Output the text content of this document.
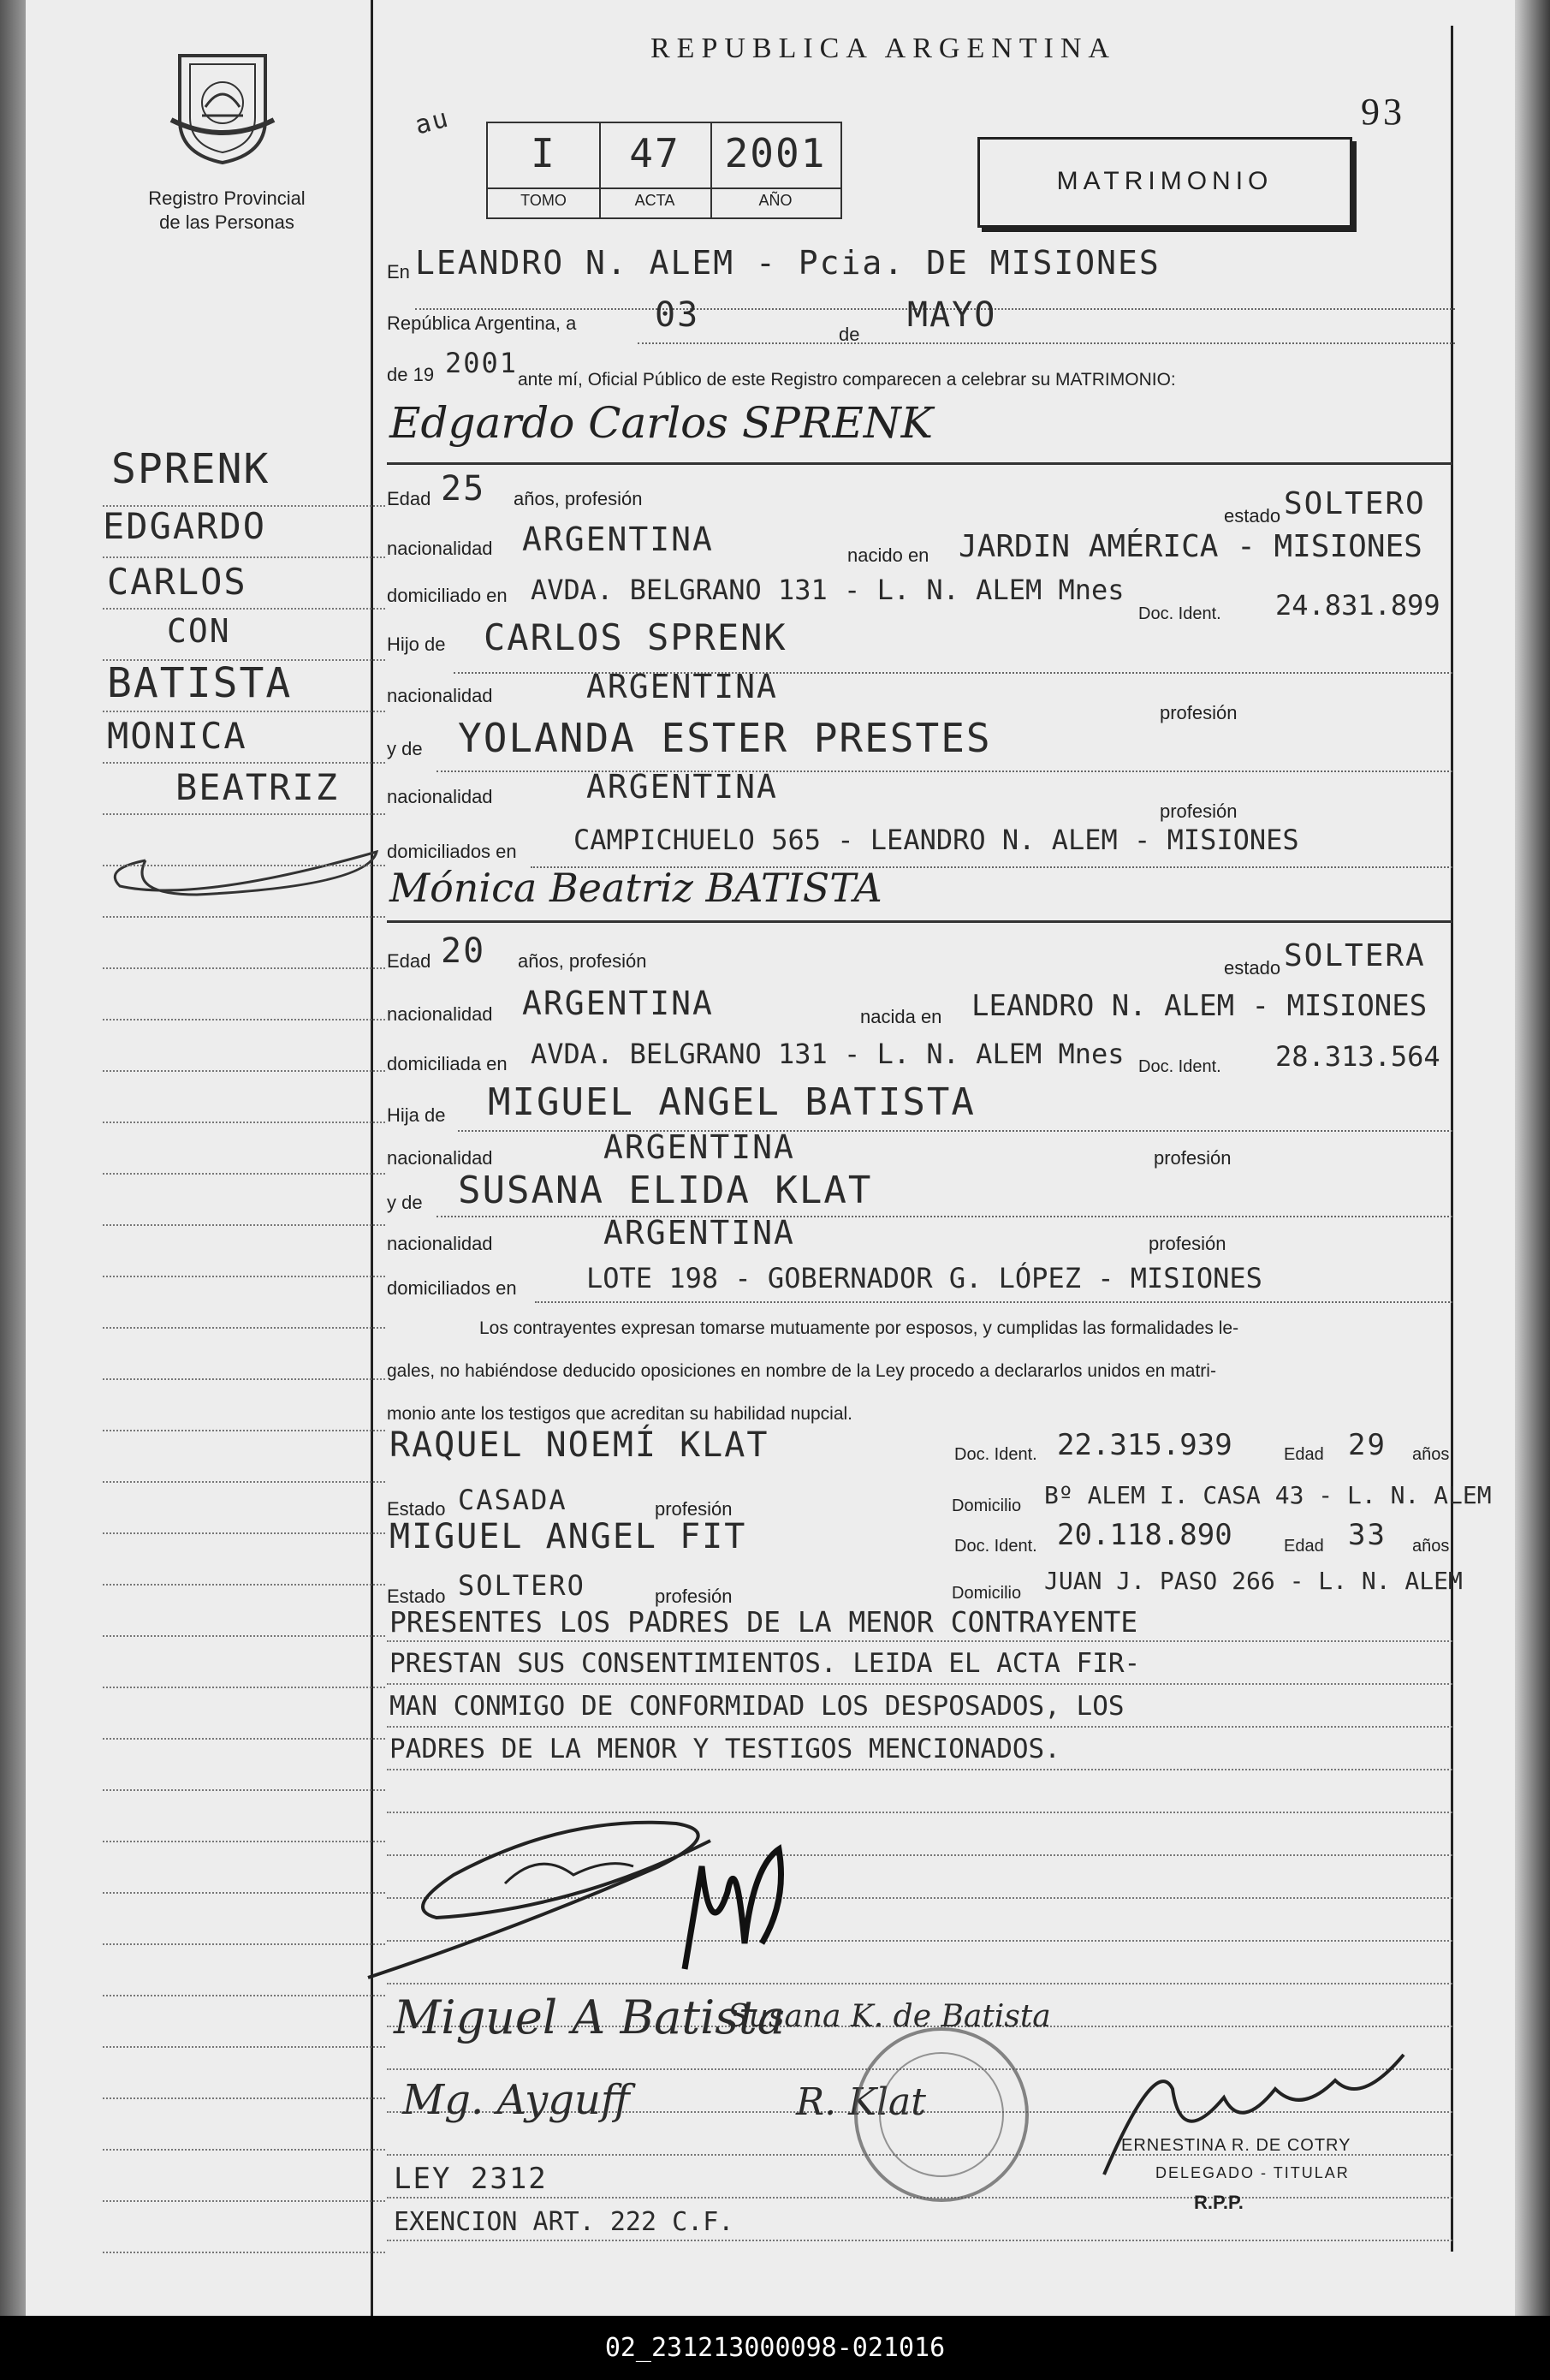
Registro Provincial de las Personas
REPUBLICA ARGENTINA
93
au
I
TOMO
47
ACTA
2001
AÑO
MATRIMONIO
En LEANDRO N. ALEM - Pcia. DE MISIONES
República Argentina, a 03	de MAYO
de 19 2001
ante mí, Oficial Público de este Registro comparecen a celebrar su MATRIMONIO:
SPRENK
EDGARDO
CARLOS
CON
BATISTA
MONICA
BEATRIZ
Edgardo Carlos SPRENK
Edad 25 años, profesión
estado SOLTERO
nacionalidad ARGENTINA	nacido en JARDIN AMÉRICA - MISIONES
domiciliado en AVDA. BELGRANO 131 - L. N. ALEM Mnes
Doc. Ident. 24.831.899
Hijo de CARLOS SPRENK
nacionalidad	ARGENTINA
profesión
y de YOLANDA ESTER PRESTES
nacionalidad	ARGENTINA
profesión
domiciliados en CAMPICHUELO 565 - LEANDRO N. ALEM - MISIONES
Mónica Beatriz BATISTA
Edad 20 años, profesión	estado SOLTERA
nacionalidad ARGENTINA	nacida en LEANDRO N. ALEM - MISIONES
domiciliada en AVDA. BELGRANO 131 - L. N. ALEM Mnes Doc. Ident. 28.313.564
Hija de MIGUEL ANGEL BATISTA
nacionalidad	ARGENTINA	profesión
y de SUSANA ELIDA KLAT
nacionalidad	ARGENTINA	profesión
domiciliados en	LOTE 198 - GOBERNADOR G. LÓPEZ - MISIONES
Los contrayentes expresan tomarse mutuamente por esposos, y cumplidas las formalidades le-
gales, no habiéndose deducido oposiciones en nombre de la Ley procedo a declararlos unidos en matri-
monio ante los testigos que acreditan su habilidad nupcial.
RAQUEL NOEMÍ KLAT	Doc. Ident. 22.315.939	Edad 29 años
Estado CASADA	profesión	Domicilio Bº ALEM I. CASA 43 - L. N. ALEM
MIGUEL ANGEL FIT	Doc. Ident. 20.118.890	Edad 33 años
Estado SOLTERO	profesión	Domicilio JUAN J. PASO 266 - L. N. ALEM
PRESENTES LOS PADRES DE LA MENOR CONTRAYENTE
PRESTAN SUS CONSENTIMIENTOS. LEIDA EL ACTA FIR-
MAN CONMIGO DE CONFORMIDAD LOS DESPOSADOS, LOS
PADRES DE LA MENOR Y TESTIGOS MENCIONADOS.
Miguel A Batista
Susana K. de Batista
Mg. Ayguff	R. Klat
ERNESTINA R. DE COTRY
DELEGADO - TITULAR
R.P.P.
LEY 2312
EXENCION ART. 222 C.F.
02_231213000098-021016
